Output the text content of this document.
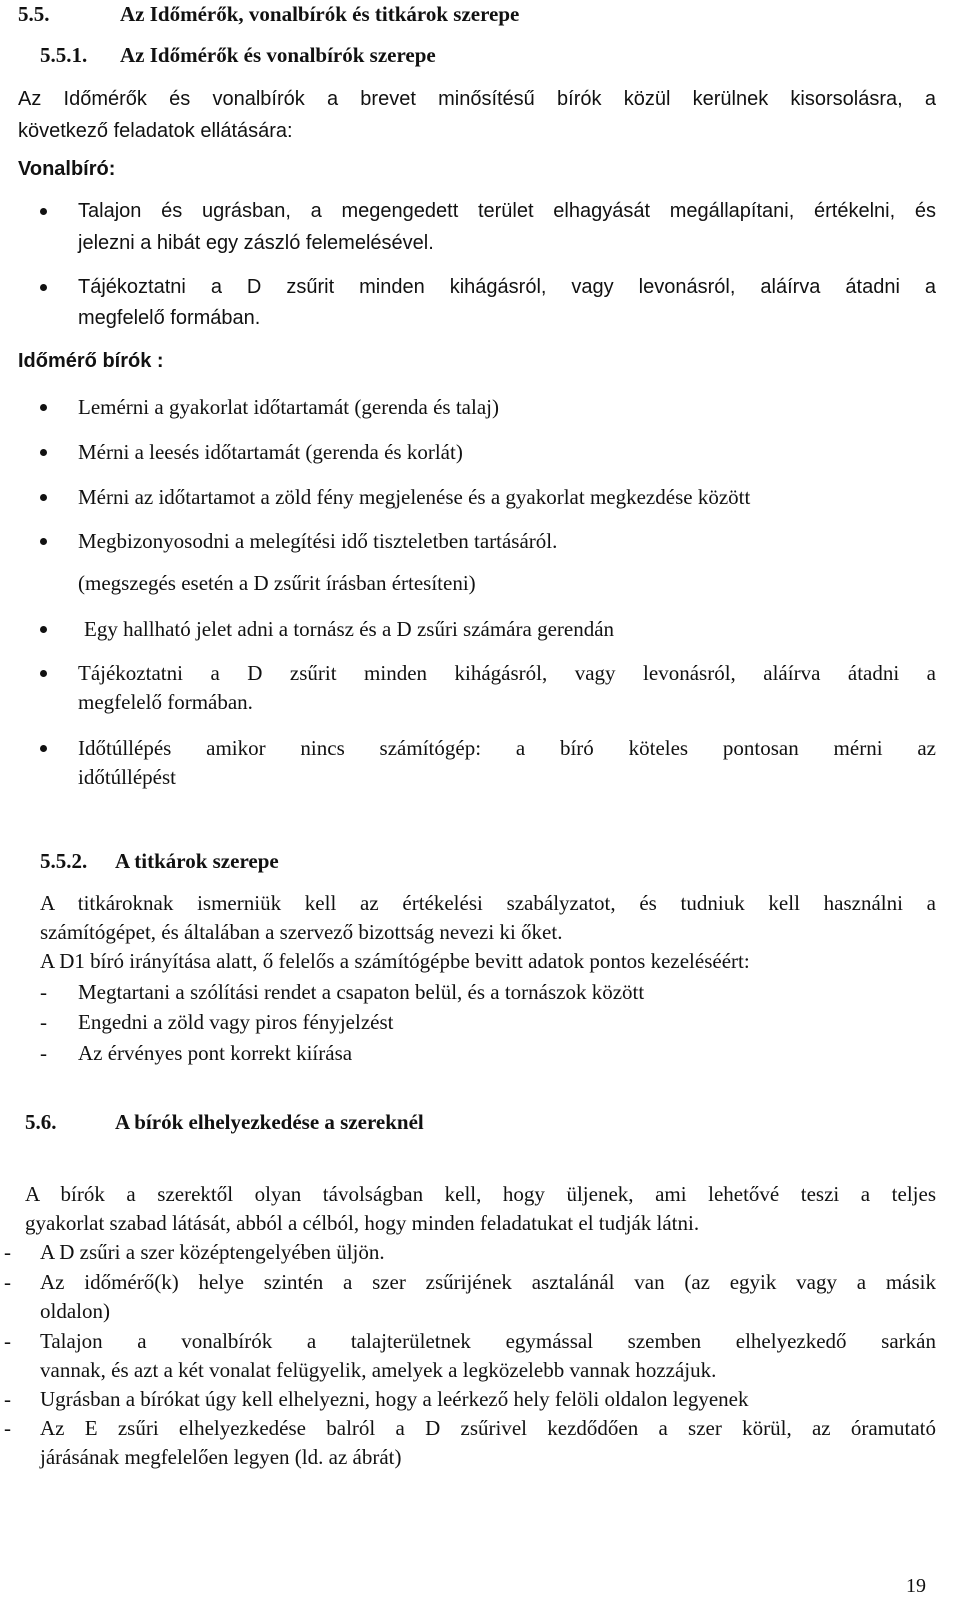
5.5.	Az Időmérők, vonalbírók és titkárok szerepe
5.5.1. Az Időmérők és vonalbírók szerepe
Az Időmérők és vonalbírók a brevet minősítésű bírók közül kerülnek kisorsolásra, a
következő feladatok ellátására:
Vonalbíró:
Talajon és ugrásban, a megengedett terület elhagyását megállapítani, értékelni, és
jelezni a hibát egy zászló felemelésével.
Tájékoztatni a D zsűrit minden kihágásról, vagy levonásról, aláírva átadni a
megfelelő formában.
Időmérő bírók :
Lemérni a gyakorlat időtartamát (gerenda és talaj)
Mérni a leesés időtartamát (gerenda és korlát)
Mérni az időtartamot a zöld fény megjelenése és a gyakorlat megkezdése között
Megbizonyosodni a melegítési idő tiszteletben tartásáról.
(megszegés esetén a D zsűrit írásban értesíteni)
Egy hallható jelet adni a tornász és a D zsűri számára gerendán
Tájékoztatni a D zsűrit minden kihágásról, vagy levonásról, aláírva átadni a
megfelelő formában.
Időtúllépés amikor nincs számítógép: a bíró köteles pontosan mérni az
időtúllépést
5.5.2. A titkárok szerepe
A titkároknak ismerniük kell az értékelési szabályzatot, és tudniuk kell használni a
számítógépet, és általában a szervező bizottság nevezi ki őket.
A D1 bíró irányítása alatt, ő felelős a számítógépbe bevitt adatok pontos kezeléséért:
- Megtartani a szólítási rendet a csapaton belül, és a tornászok között
- Engedni a zöld vagy piros fényjelzést
- Az érvényes pont korrekt kiírása
5.6.	A bírók elhelyezkedése a szereknél
A bírók a szerektől olyan távolságban kell, hogy üljenek, ami lehetővé teszi a teljes
gyakorlat szabad látását, abból a célból, hogy minden feladatukat el tudják látni.
- A D zsűri a szer középtengelyében üljön.
- Az időmérő(k) helye szintén a szer zsűrijének asztalánál van (az egyik vagy a másik
oldalon)
- Talajon a vonalbírók a talajterületnek egymással szemben elhelyezkedő sarkán
vannak, és azt a két vonalat felügyelik, amelyek a legközelebb vannak hozzájuk.
- Ugrásban a bírókat úgy kell elhelyezni, hogy a leérkező hely felöli oldalon legyenek
- Az E zsűri elhelyezkedése balról a D zsűrivel kezdődően a szer körül, az óramutató
járásának megfelelően legyen (ld. az ábrát)
19
